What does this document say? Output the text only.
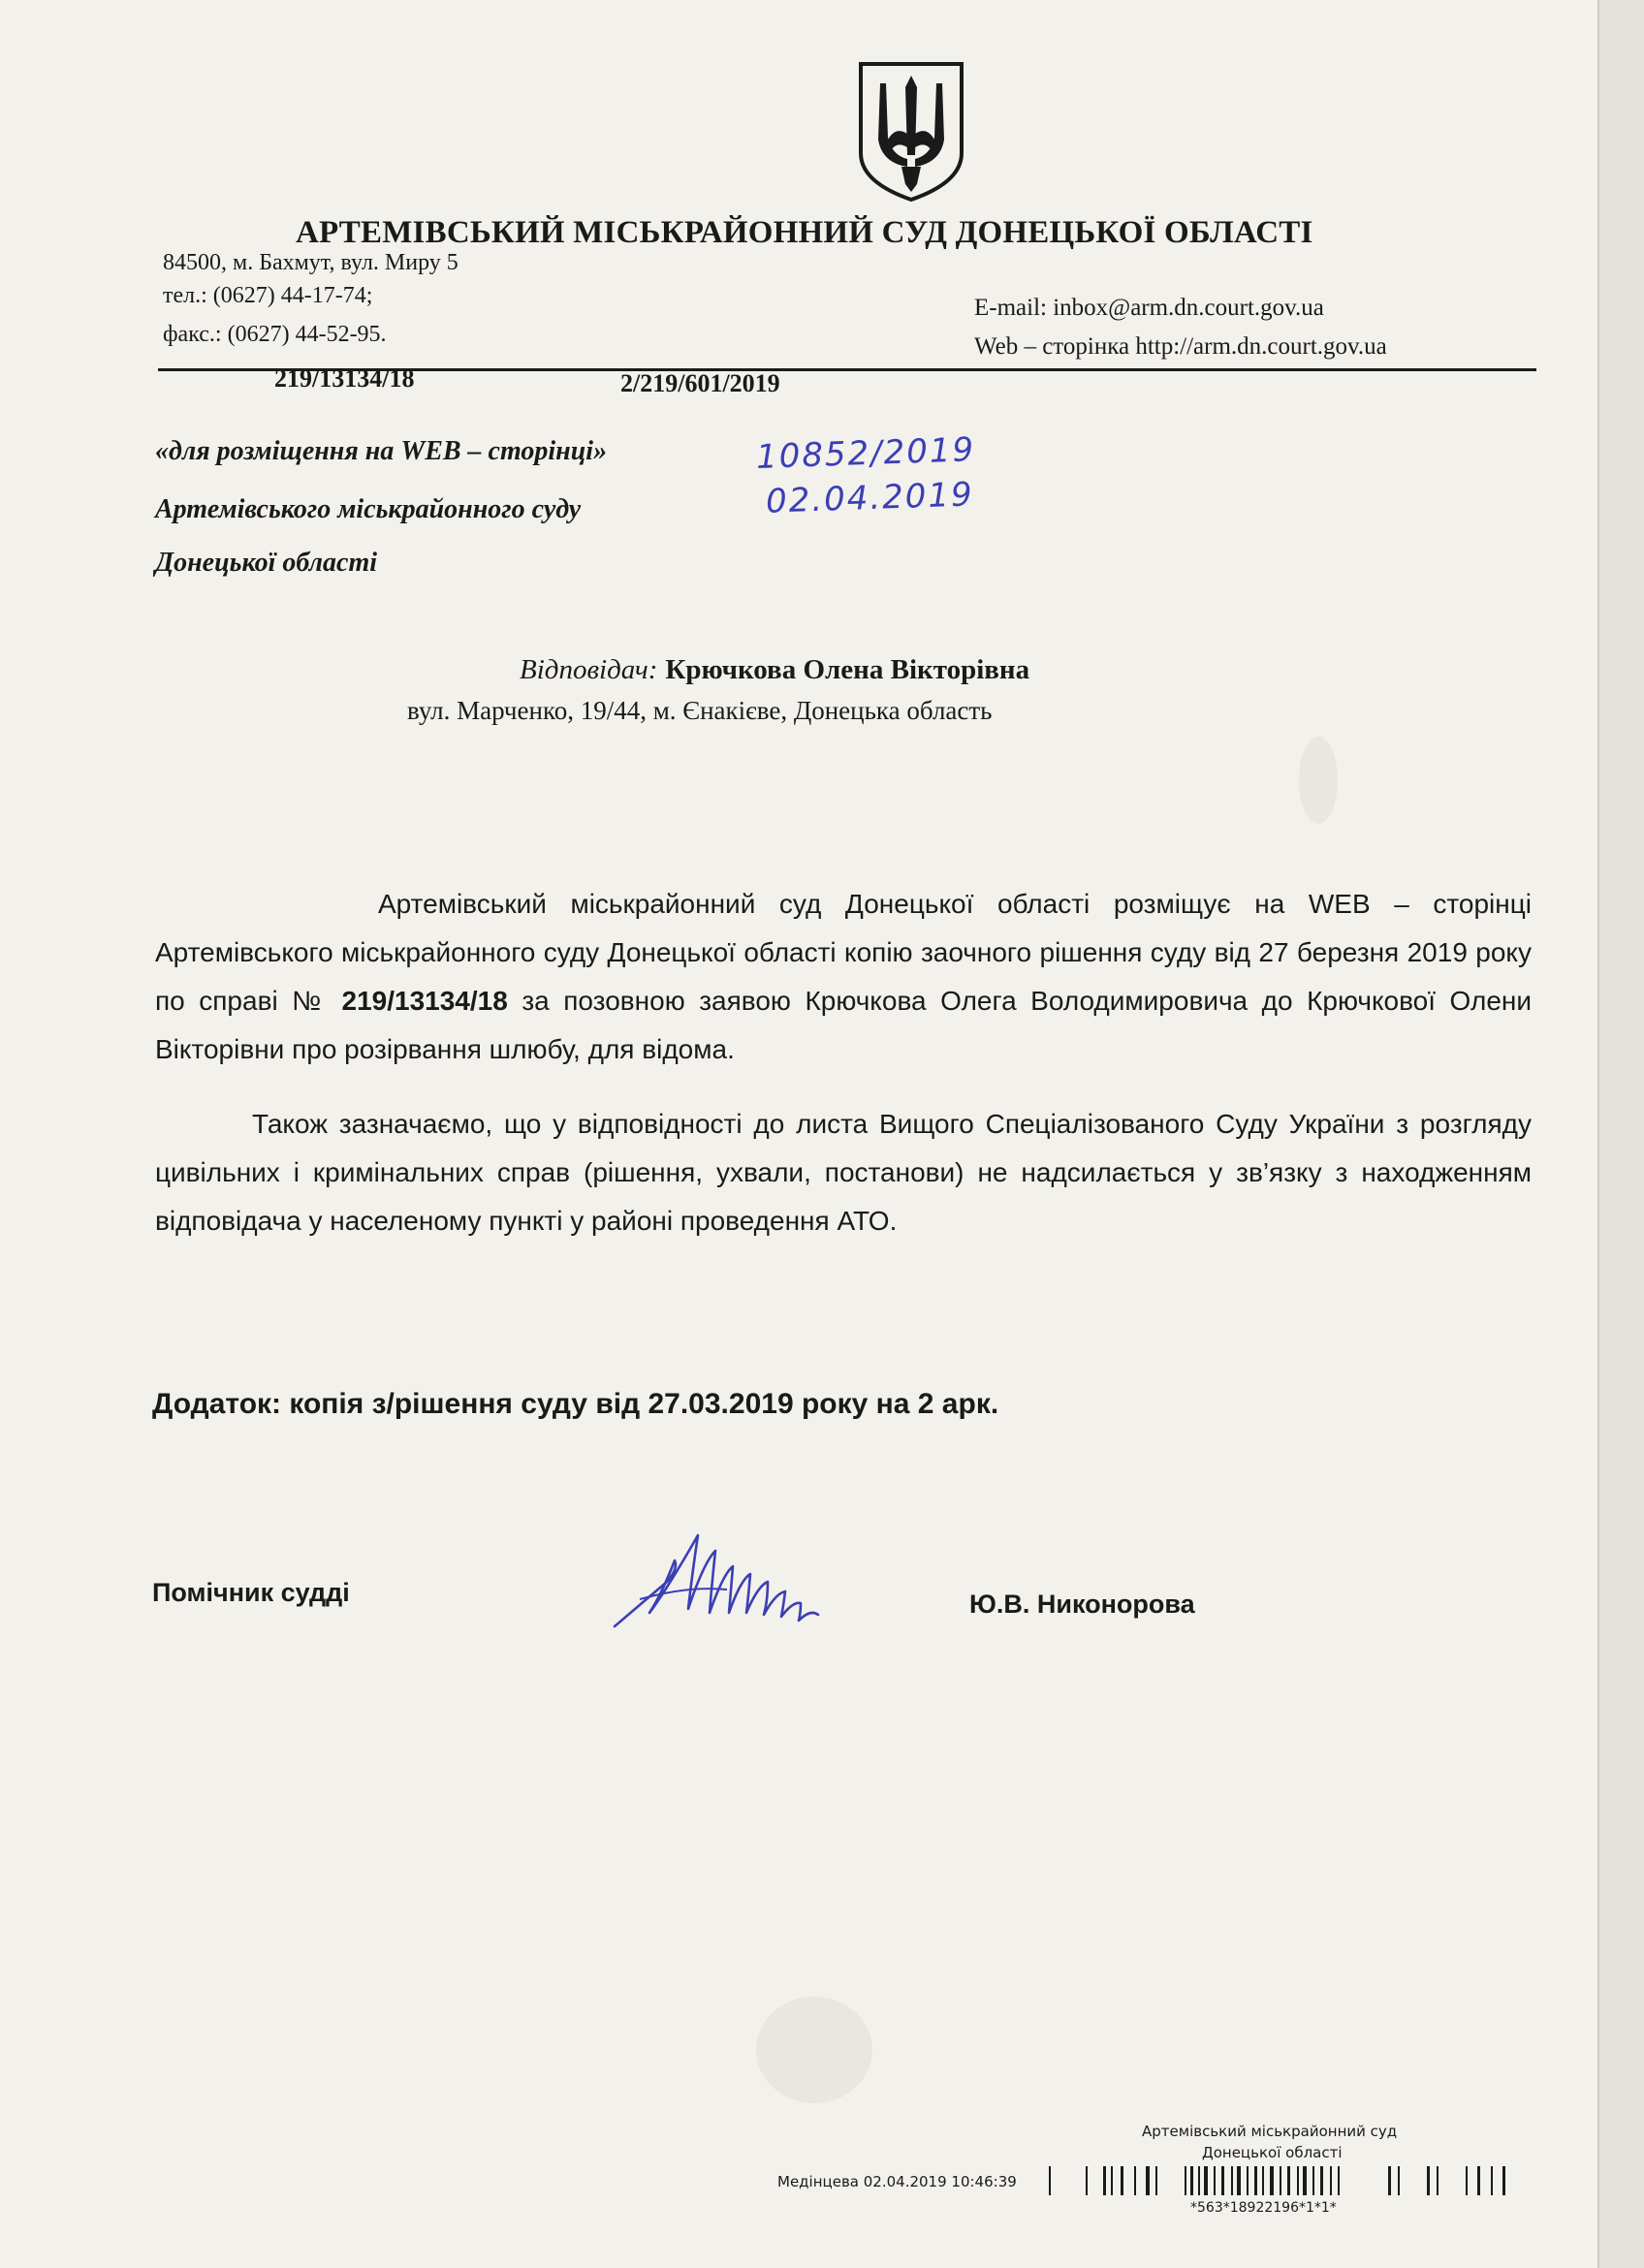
АРТЕМІВСЬКИЙ МІСЬКРАЙОННИЙ СУД ДОНЕЦЬКОЇ ОБЛАСТІ
84500, м. Бахмут, вул. Миру 5
тел.: (0627) 44-17-74;
факс.: (0627) 44-52-95.
E-mail: inbox@arm.dn.court.gov.ua
Web – сторінка http://arm.dn.court.gov.ua
219/13134/18	2/219/601/2019
«для розміщення на WEB – сторінці»
Артемівського міськрайонного суду
Донецької області
10852/2019
02.04.2019
Відповідач: Крючкова Олена Вікторівна
вул. Марченко, 19/44, м. Єнакієве, Донецька область
Артемівський міськрайонний суд Донецької області розміщує на WEB – сторінці Артемівського міськрайонного суду Донецької області копію заочного рішення суду від 27 березня 2019 року по справі № 219/13134/18 за позовною заявою Крючкова Олега Володимировича до Крючкової Олени Вікторівни про розірвання шлюбу, для відома.
Також зазначаємо, що у відповідності до листа Вищого Спеціалізованого Суду України з розгляду цивільних і кримінальних справ (рішення, ухвали, постанови) не надсилається у зв’язку з находженням відповідача у населеному пункті у районі проведення АТО.
Додаток: копія з/рішення суду від 27.03.2019 року на 2 арк.
Помічник судді	Ю.В. Никонорова
Артемівський міськрайонний суд
Донецької області
Медінцева 02.04.2019 10:46:39
*563*18922196*1*1*
